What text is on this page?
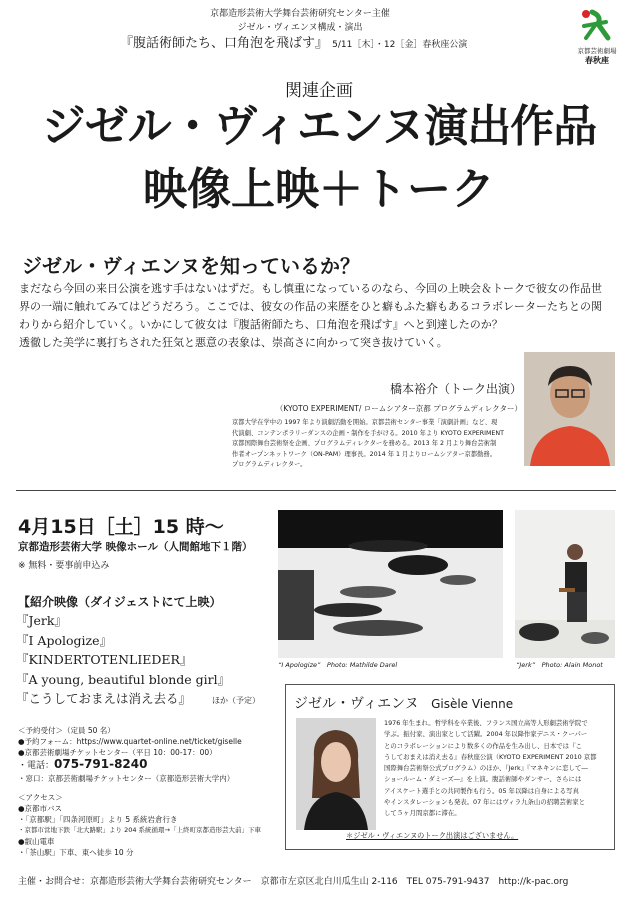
京都造形芸術大学舞台芸術研究センター主催
ジゼル・ヴィエンヌ構成・演出
『腹話術師たち、口角泡を飛ばす』 5/11［木］・12［金］春秋座公演
京都芸術劇場
春秋座
関連企画
ジゼル・ヴィエンヌ演出作品
映像上映＋トーク
ジゼル・ヴィエンヌを知っているか？
まだなら今回の来日公演を逃す手はないはずだ。もし慎重になっているのなら、今回の上映会＆トークで彼女の作品世
界の一端に触れてみてはどうだろう。ここでは、彼女の作品の来歴をひと癖もふた癖もあるコラボレーターたちとの関
わりから紹介していく。いかにして彼女は『腹話術師たち、口角泡を飛ばす』へと到達したのか？
透徹した美学に裏打ちされた狂気と悪意の表象は、崇高さに向かって突き抜けていく。
橋本裕介（トーク出演）
（KYOTO EXPERIMENT/ ロームシアター京都 プログラムディレクター）
京都大学在学中の 1997 年より演劇活動を開始。京都芸術センター事業「演劇計画」など、現
代演劇、コンテンポラリーダンスの企画・制作を手がける。2010 年より KYOTO EXPERIMENT
京都国際舞台芸術祭を企画、プログラムディレクターを務める。2013 年 2 月より舞台芸術制
作者オープンネットワーク（ON-PAM）理事長。2014 年 1 月よりロームシアター京都勤務。
プログラムディレクター。
4月15日［土］15 時〜
京都造形芸術大学 映像ホール（人間館地下１階）
※ 無料・要事前申込み
【紹介映像（ダイジェストにて上映）
『Jerk』
『I Apologize』
『KINDERTOTENLIEDER』
『A young, beautiful blonde girl』
『こうしておまえは消え去る』	ほか（予定）
＜予約受付＞（定員 50 名）
●予約フォーム：https://www.quartet-online.net/ticket/giselle
●京都芸術劇場チケットセンター（平日 10：00-17：00）
・電話：075-791-8240
・窓口：京都芸術劇場チケットセンター（京都造形芸術大学内）
＜アクセス＞
●京都市バス
・「京都駅」「四条河原町」より 5 系統岩倉行き
・京都市営地下鉄「北大路駅」より 204 系統循環→「上終町京都造形芸大前」下車
●叡山電車
・「茶山駅」下車、東へ徒歩 10 分
“I Apologize”　Photo: Mathilde Darel	“Jerk”　Photo: Alain Monot
ジゼル・ヴィエンヌ Gisèle Vienne
1976 年生まれ。哲学科を卒業後、フランス国立高等人形劇芸術学院で
学ぶ。振付家、演出家として活躍。2004 年以降作家デニス・クーパー
とのコラボレーションにより数多くの作品を生み出し、日本では『こ
うしておまえは消え去る』春秋座公演（KYOTO EXPERIMENT 2010 京都
国際舞台芸術祭公式プログラム）のほか、『Jerk』『マネキンに恋して―
ショールーム・ダミーズ―』を上演。腹話術師やダンサー、さらには
アイスケート選手との共同製作も行う。05 年以降は自身による写真
やインスタレーションも発表。07 年にはヴィラ九条山の招聘芸術家と
して５ヶ月間京都に滞在。
＊ジゼル・ヴィエンヌのトーク出演はございません。
主催・お問合せ：京都造形芸術大学舞台芸術研究センター　京都市左京区北白川瓜生山 2-116　TEL 075-791-9437　http://k-pac.org
